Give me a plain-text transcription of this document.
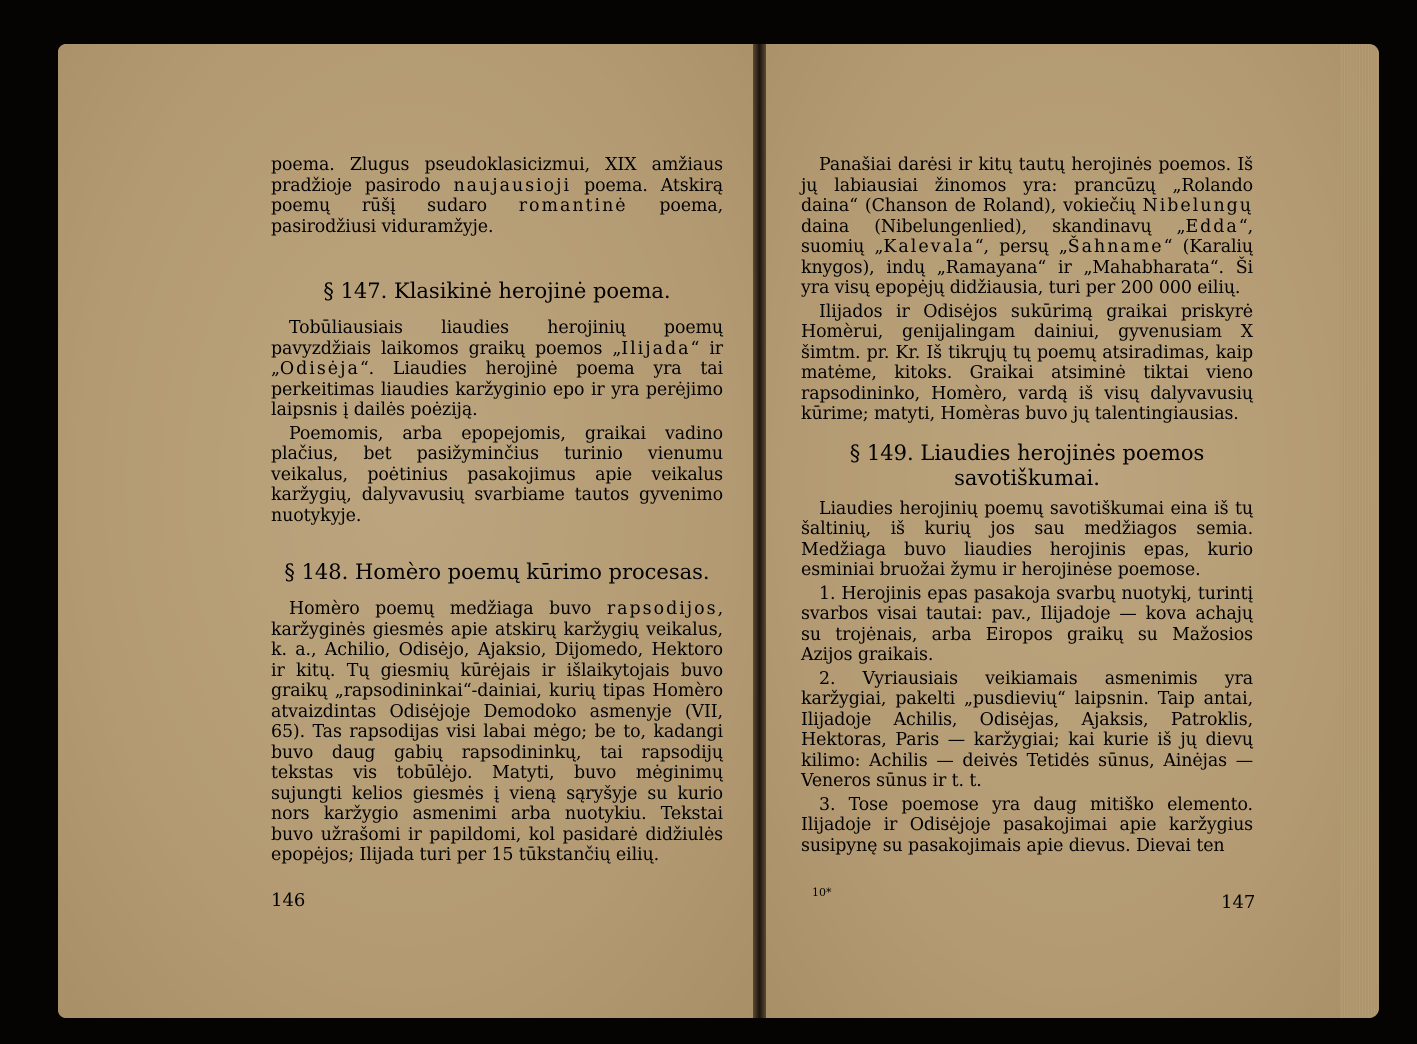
poema. Zlugus pseudoklasicizmui, XIX amžiaus pradžioje pasirodo naujausioji poema. Atskirą poemų rūšį sudaro romantinė poema, pasirodžiusi viduramžyje.

§ 147. Klasikinė herojinė poema.

Tobūliausiais liaudies herojinių poemų pavyzdžiais laikomos graikų poemos „Ilijada“ ir „Odisėja“. Liaudies herojinė poema yra tai perkeitimas liaudies karžyginio epo ir yra perėjimo laipsnis į dailės poėziją.

Poemomis, arba epopejomis, graikai vadino plačius, bet pasižyminčius turinio vienumu veikalus, poėtinius pasakojimus apie veikalus karžygių, dalyvavusių svarbiame tautos gyvenimo nuotykyje.

§ 148. Homèro poemų kūrimo procesas.

Homèro poemų medžiaga buvo rapsodijos, karžyginės giesmės apie atskirų karžygių veikalus, k. a., Achilio, Odisėjo, Ajaksio, Dijomedo, Hektoro ir kitų. Tų giesmių kūrėjais ir išlaikytojais buvo graikų „rapsodininkai“-dainiai, kurių tipas Homèro atvaizdintas Odisėjoje Demodoko asmenyje (VII, 65). Tas rapsodijas visi labai mėgo; be to, kadangi buvo daug gabių rapsodininkų, tai rapsodijų tekstas vis tobūlėjo. Matyti, buvo mėginimų sujungti kelios giesmės į vieną sąryšyje su kurio nors karžygio asmenimi arba nuotykiu. Tekstai buvo užrašomi ir papildomi, kol pasidarė didžiulės epopėjos; Ilijada turi per 15 tūkstančių eilių.

146

Panašiai darėsi ir kitų tautų herojinės poemos. Iš jų labiausiai žinomos yra: prancūzų „Rolando daina“ (Chanson de Roland), vokiečių Nibelungų daina (Nibelungenlied), skandinavų „Edda“, suomių „Kalevala“, persų „Šahname“ (Karalių knygos), indų „Ramayana“ ir „Mahabharata“. Ši yra visų epopėjų didžiausia, turi per 200 000 eilių.

Ilijados ir Odisėjos sukūrimą graikai priskyrė Homèrui, genijalingam dainiui, gyvenusiam X šimtm. pr. Kr. Iš tikrųjų tų poemų atsiradimas, kaip matėme, kitoks. Graikai atsiminė tiktai vieno rapsodininko, Homèro, vardą iš visų dalyvavusių kūrime; matyti, Homèras buvo jų talentingiausias.

§ 149. Liaudies herojinės poemos savotiškumai.

Liaudies herojinių poemų savotiškumai eina iš tų šaltinių, iš kurių jos sau medžiagos semia. Medžiaga buvo liaudies herojinis epas, kurio esminiai bruožai žymu ir herojinėse poemose.

1. Herojinis epas pasakoja svarbų nuotykį, turintį svarbos visai tautai: pav., Ilijadoje — kova achajų su trojėnais, arba Eiropos graikų su Mažosios Azijos graikais.

2. Vyriausiais veikiamais asmenimis yra karžygiai, pakelti „pusdievių“ laipsnin. Taip antai, Ilijadoje Achilis, Odisėjas, Ajaksis, Patroklis, Hektoras, Paris — karžygiai; kai kurie iš jų dievų kilimo: Achilis — deivės Tetidės sūnus, Ainėjas — Veneros sūnus ir t. t.

3. Tose poemose yra daug mitiško elemento. Ilijadoje ir Odisėjoje pasakojimai apie karžygius susipynę su pasakojimais apie dievus. Dievai ten

10*	147
